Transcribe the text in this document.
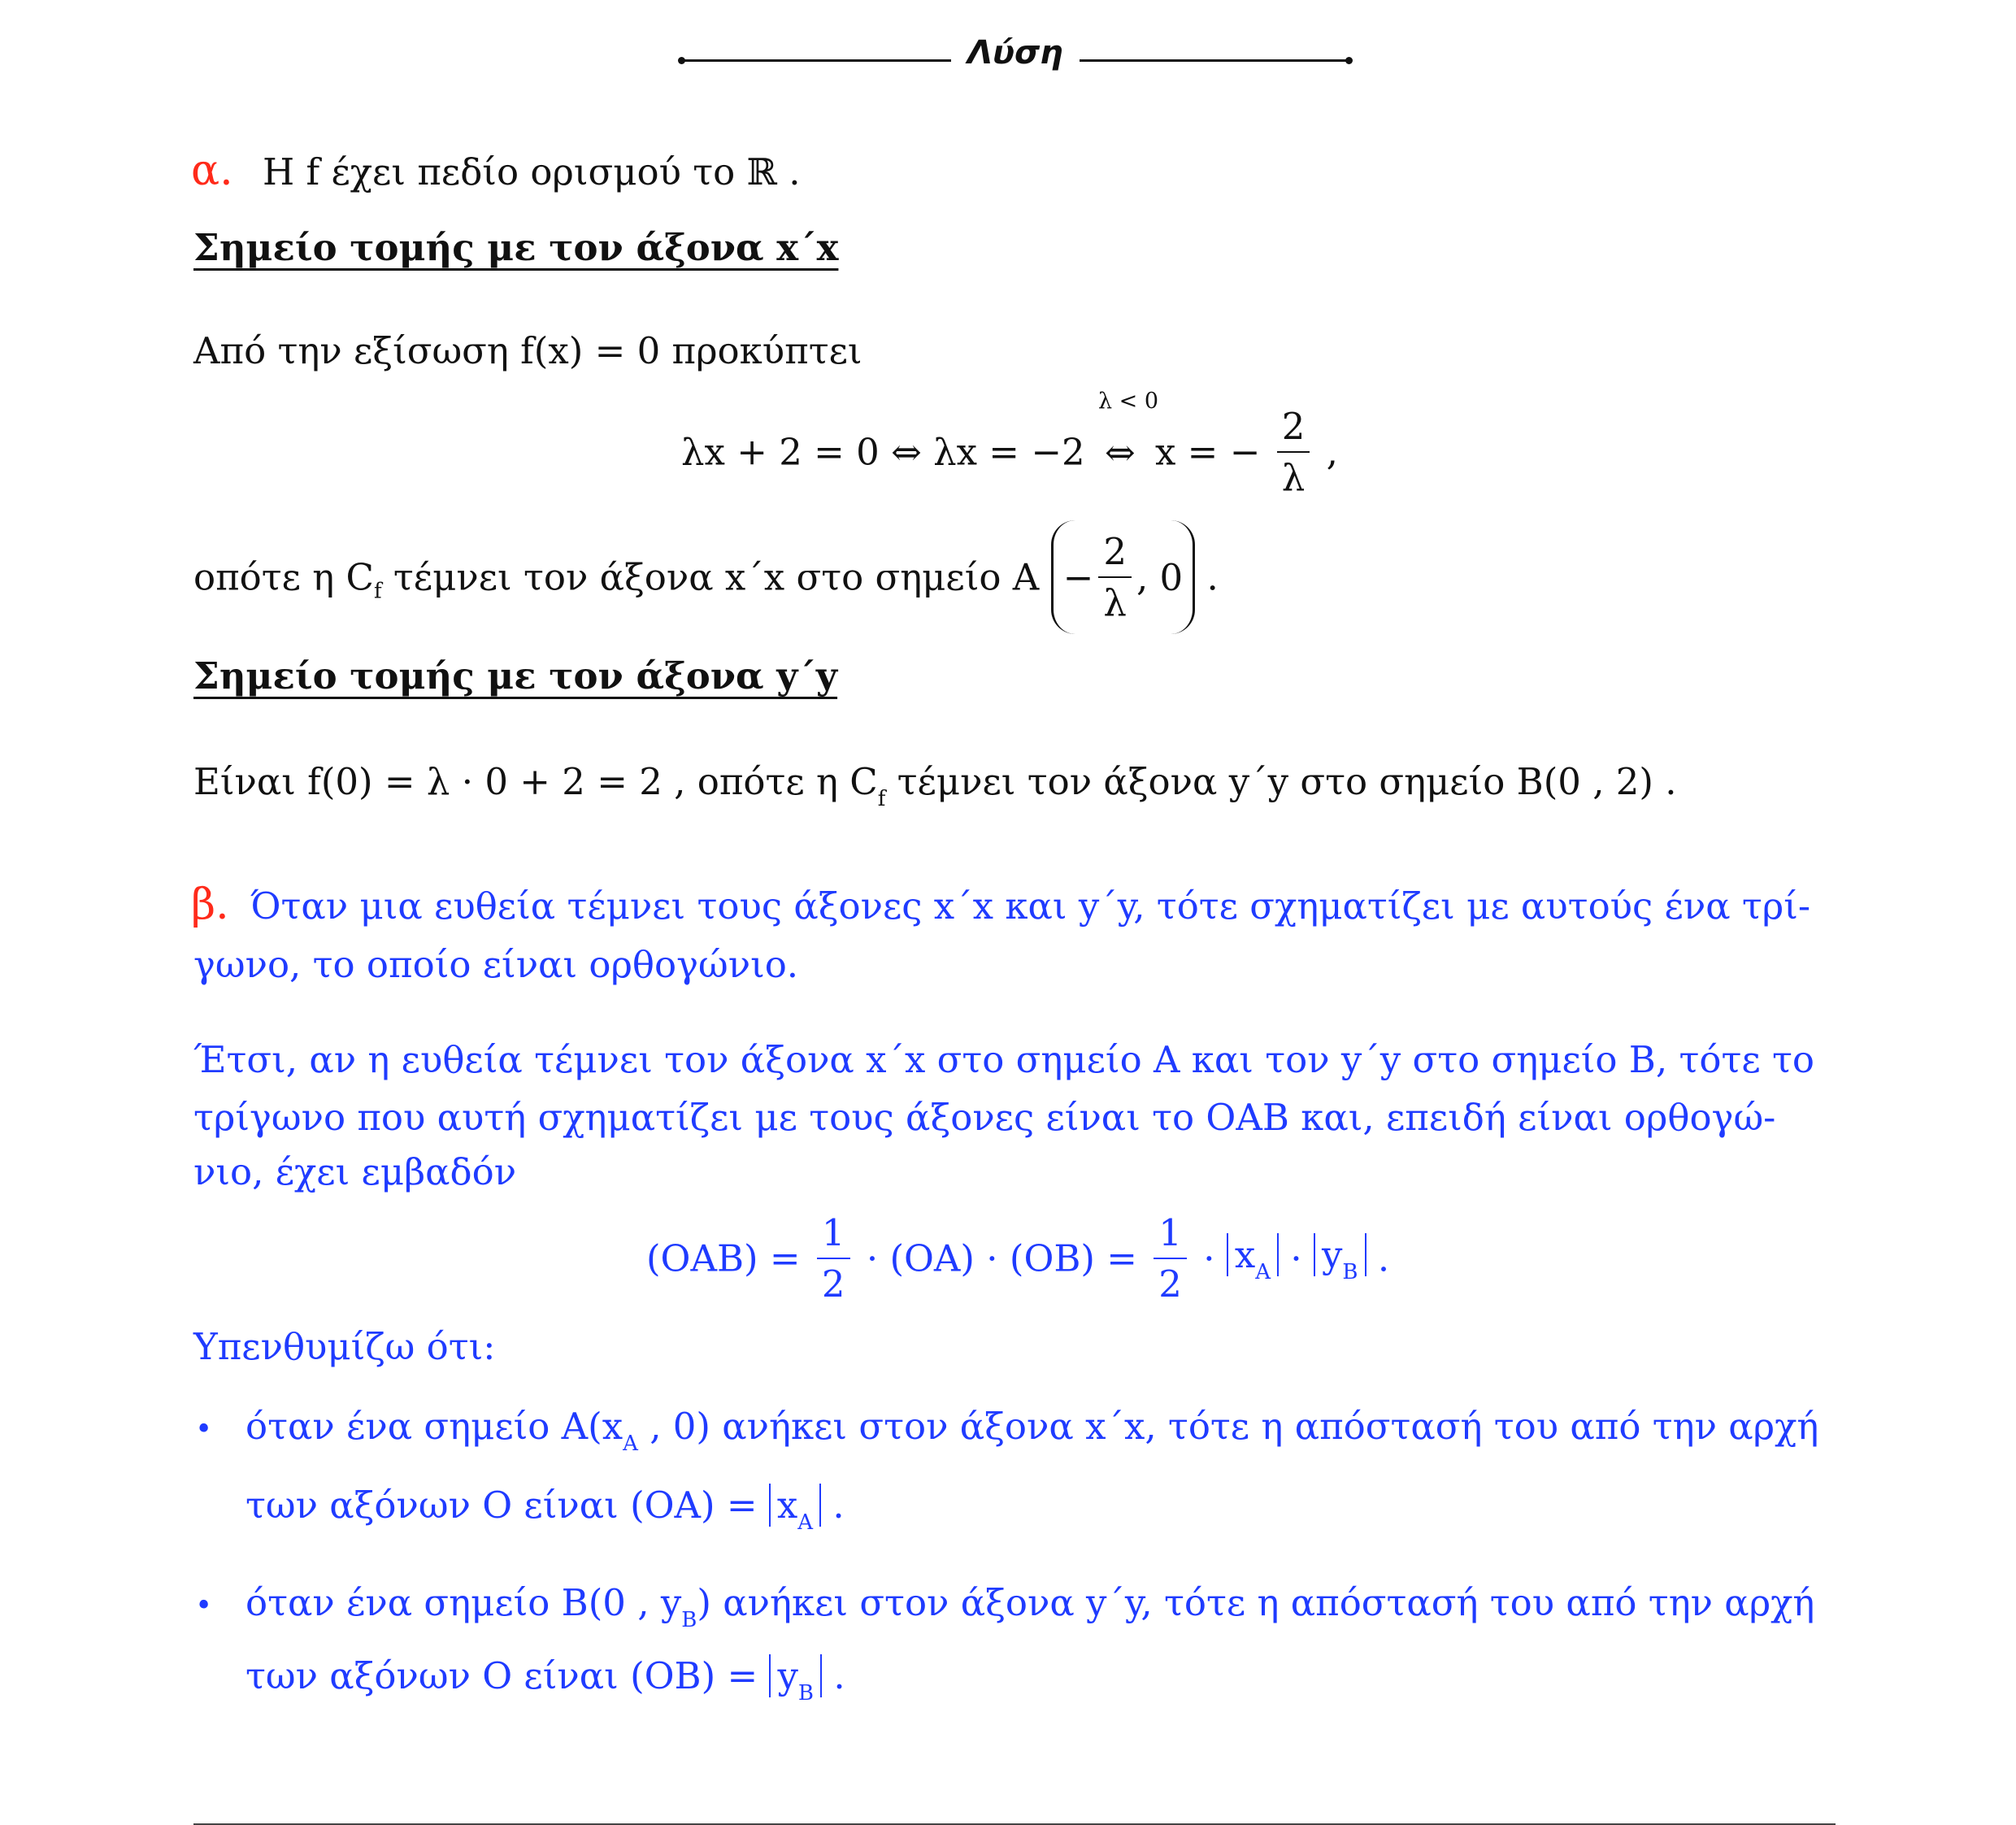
Λύση
α. Η f έχει πεδίο ορισμού το ℝ .
Σημείο τομής με τον άξονα x΄x
Από την εξίσωση f(x) = 0 προκύπτει
λx + 2 = 0 ⇔ λx = −2
λ < 0
⇔ x = − $\frac{2}{\lambda}$ ,
οπότε η $C_f$ τέμνει τον άξονα x΄x στο σημείο $A - \frac{2}{\lambda}$ , 0 .
Σημείο τομής με τον άξονα y΄y
Είναι f(0) = λ · 0 + 2 = 2 , οπότε η $C_f$ τέμνει τον άξονα y΄y στο σημείο B(0 , 2) .
β. Όταν μια ευθεία τέμνει τους άξονες x΄x και y΄y, τότε σχηματίζει με αυτούς ένα τρί-
γωνο, το οποίο είναι ορθογώνιο.
Έτσι, αν η ευθεία τέμνει τον άξονα x΄x στο σημείο A και τον y΄y στο σημείο B, τότε το
τρίγωνο που αυτή σχηματίζει με τους άξονες είναι το OAB και, επειδή είναι ορθογώ-
νιο, έχει εμβαδόν
$(OAB) = \frac{1}{2} \cdot (OA) \cdot (OB) = \frac{1}{2} \cdot x_A \cdot y_B$ .
Υπενθυμίζω ότι:
• όταν ένα σημείο $A(x_A$ , 0) ανήκει στον άξονα x΄x, τότε η απόστασή του από την αρχή
των αξόνων O είναι $(OA) = x_A$ .
• όταν ένα σημείο B(0 , $y_B$) ανήκει στον άξονα y΄y, τότε η απόστασή του από την αρχή
των αξόνων O είναι $(OB) = y_B$ .
